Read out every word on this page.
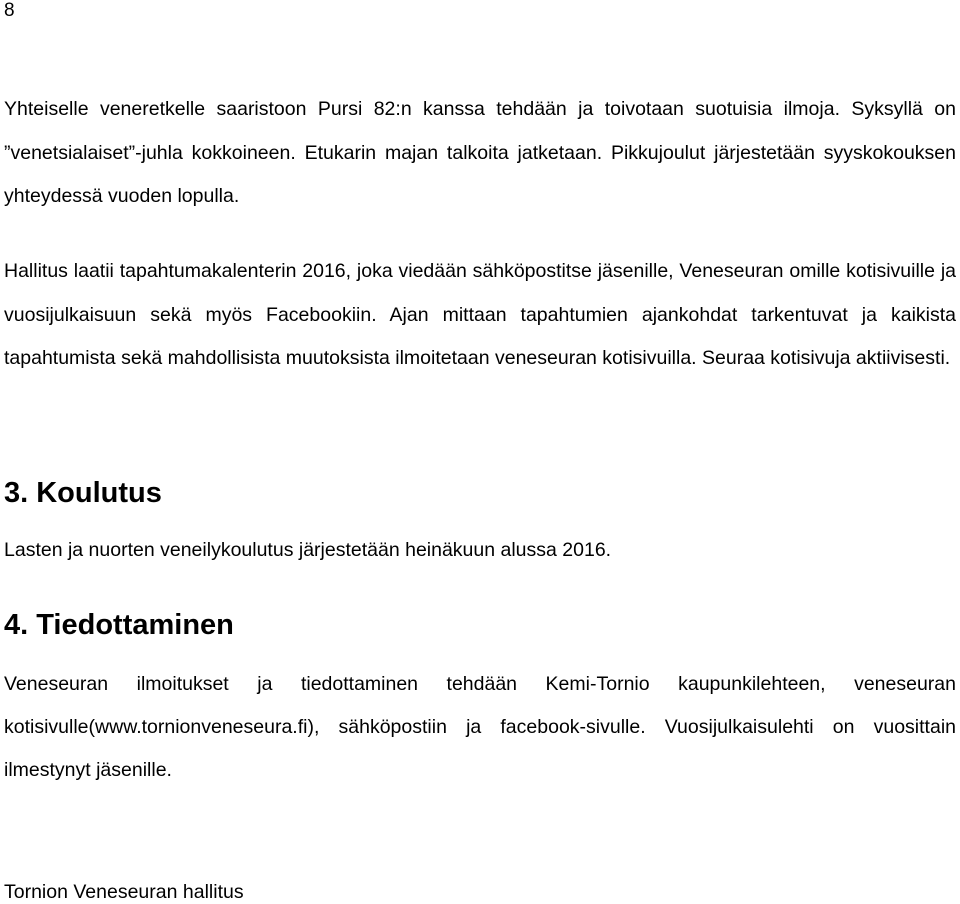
8

Yhteiselle veneretkelle saaristoon Pursi 82:n kanssa tehdään ja toivotaan suotuisia ilmoja. Syksyllä on ”venetsialaiset”-juhla kokkoineen. Etukarin majan talkoita jatketaan. Pikkujoulut järjestetään syyskokouksen yhteydessä vuoden lopulla.

Hallitus laatii tapahtumakalenterin 2016, joka viedään sähköpostitse jäsenille, Veneseuran omille kotisivuille ja vuosijulkaisuun sekä myös Facebookiin. Ajan mittaan tapahtumien ajankohdat tarkentuvat ja kaikista tapahtumista sekä mahdollisista muutoksista ilmoitetaan veneseuran kotisivuilla. Seuraa kotisivuja aktiivisesti.

3. Koulutus

Lasten ja nuorten veneilykoulutus järjestetään heinäkuun alussa 2016.

4. Tiedottaminen

Veneseuran ilmoitukset ja tiedottaminen tehdään Kemi-Tornio kaupunkilehteen, veneseuran kotisivulle(www.tornionveneseura.fi), sähköpostiin ja facebook-sivulle. Vuosijulkaisulehti on vuosittain ilmestynyt jäsenille.

Tornion Veneseuran hallitus
